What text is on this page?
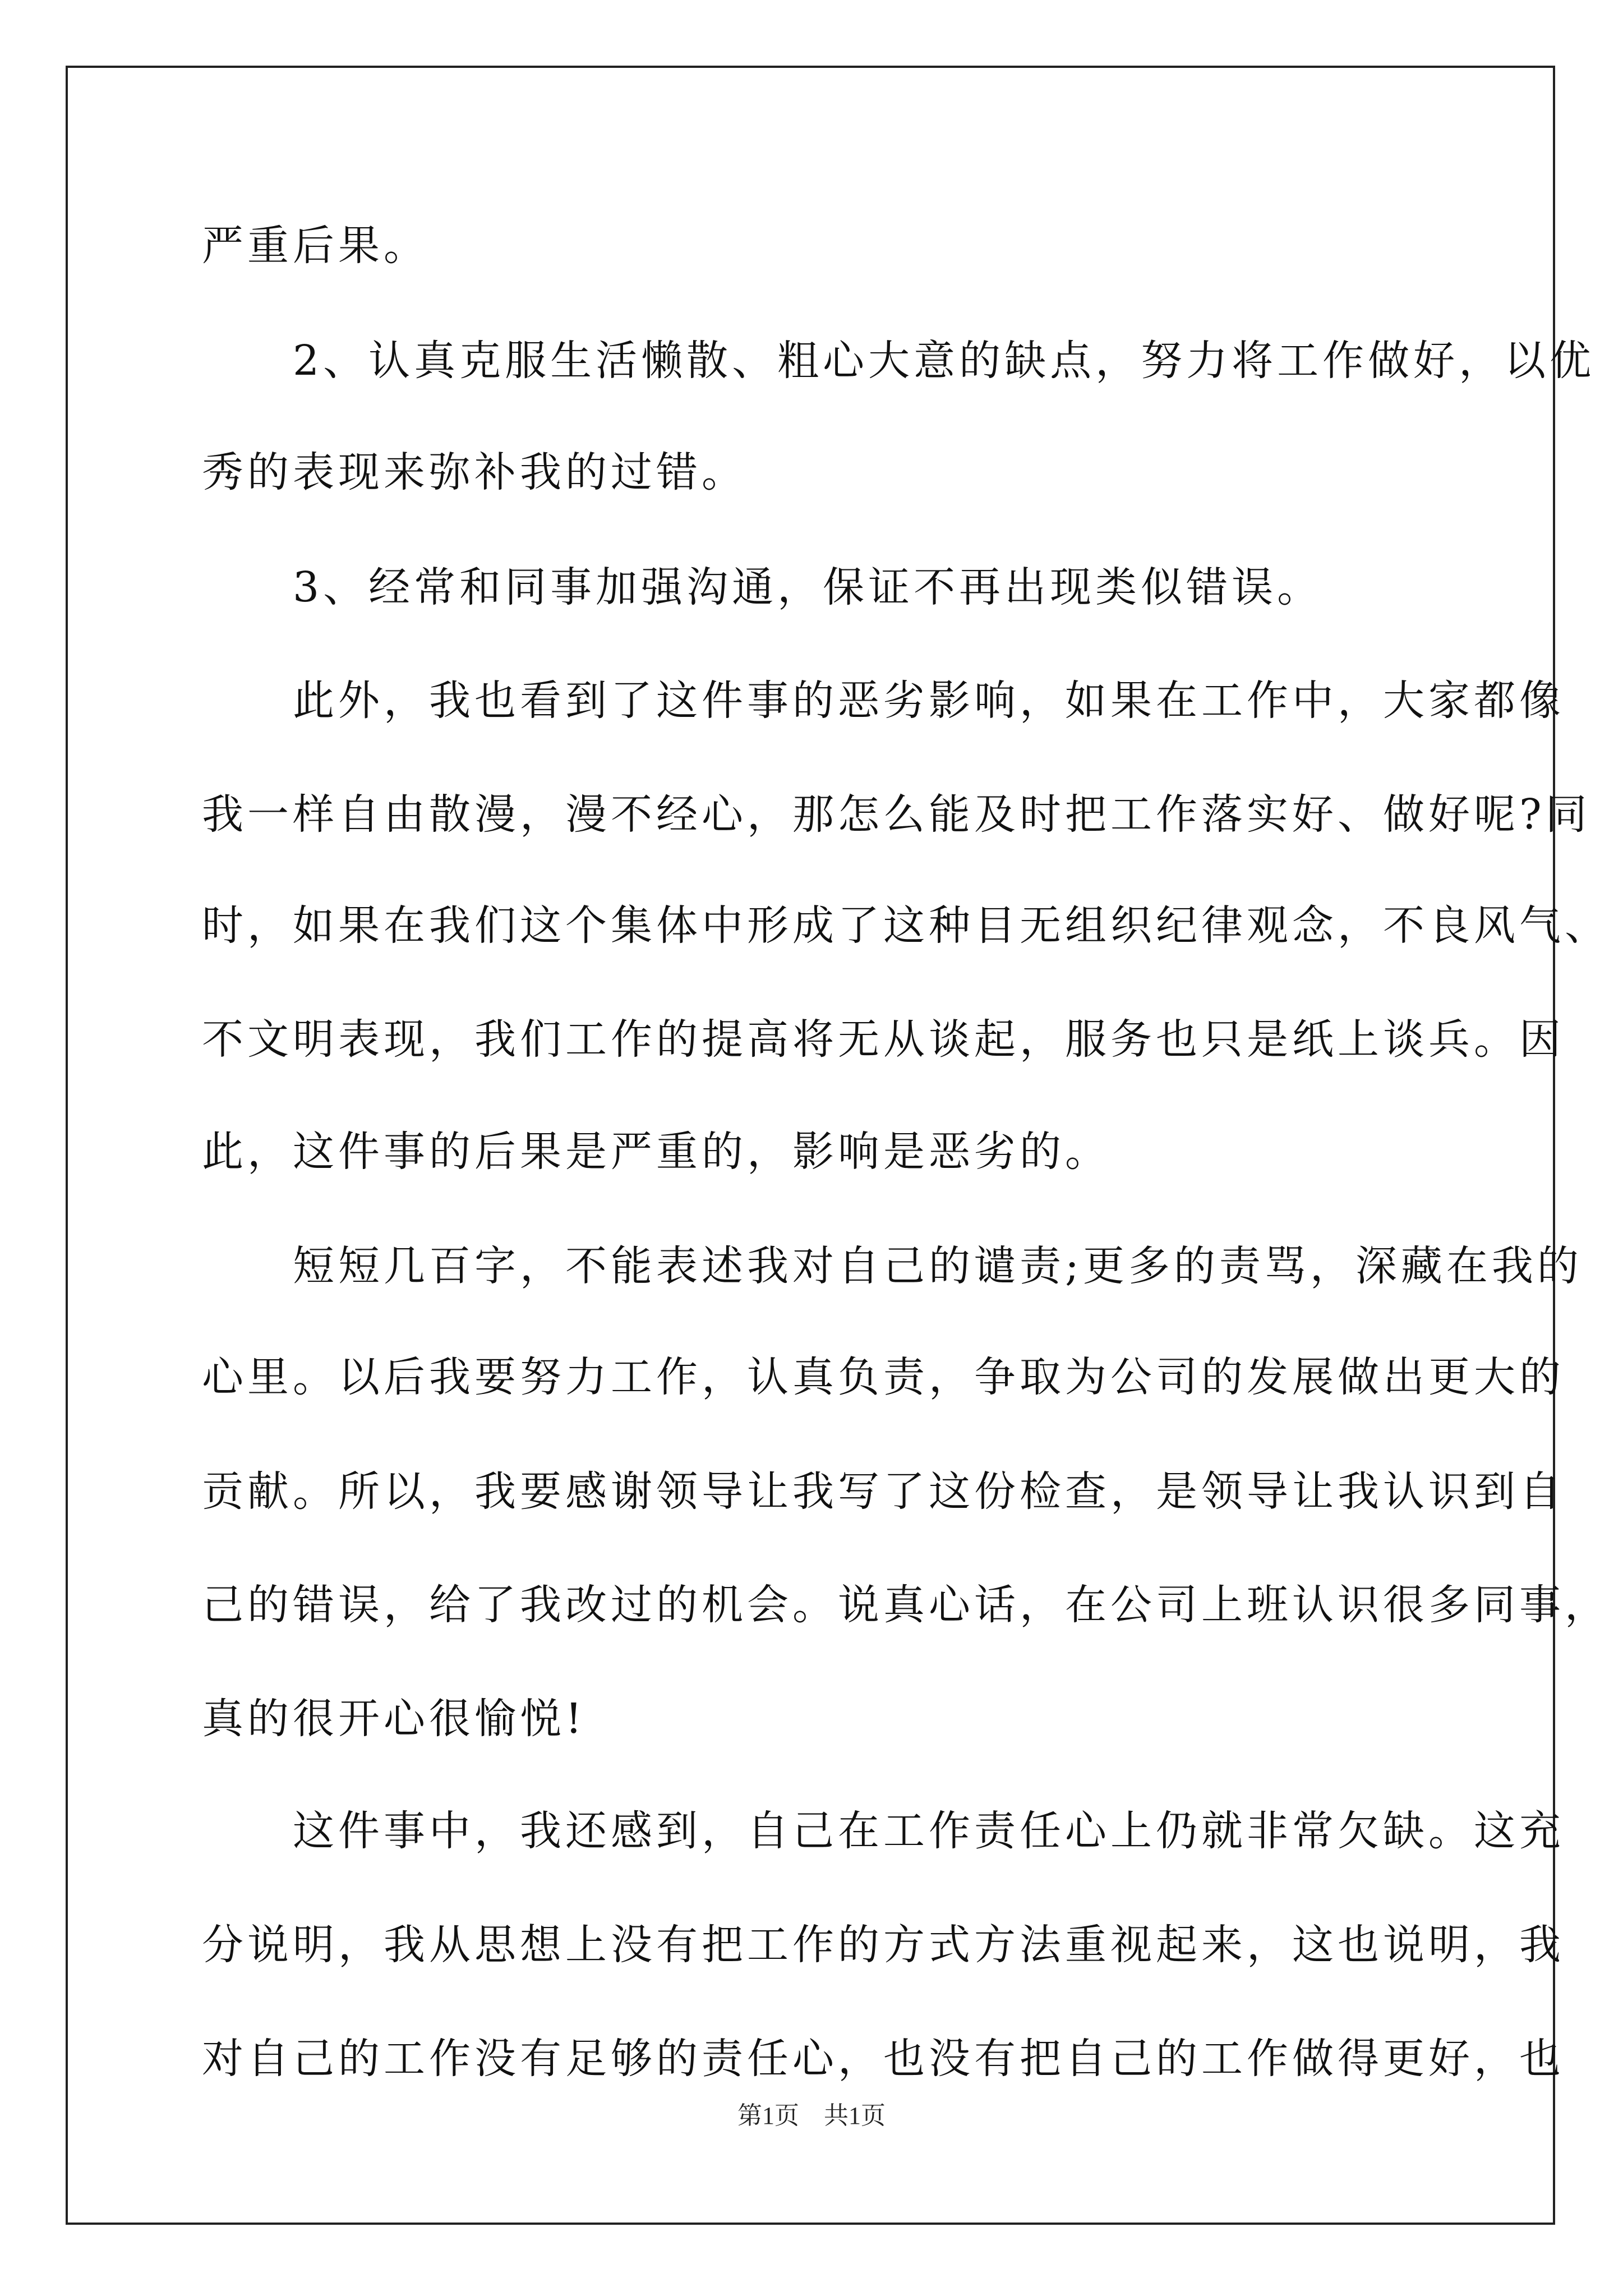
严重后果。
　　2、认真克服生活懒散、粗心大意的缺点，努力将工作做好，以优
秀的表现来弥补我的过错。
　　3、经常和同事加强沟通，保证不再出现类似错误。
　　此外，我也看到了这件事的恶劣影响，如果在工作中，大家都像
我一样自由散漫，漫不经心，那怎么能及时把工作落实好、做好呢?同
时，如果在我们这个集体中形成了这种目无组织纪律观念，不良风气、
不文明表现，我们工作的提高将无从谈起，服务也只是纸上谈兵。因
此，这件事的后果是严重的，影响是恶劣的。
　　短短几百字，不能表述我对自己的谴责;更多的责骂，深藏在我的
心里。以后我要努力工作，认真负责，争取为公司的发展做出更大的
贡献。所以，我要感谢领导让我写了这份检查，是领导让我认识到自
己的错误，给了我改过的机会。说真心话，在公司上班认识很多同事，
真的很开心很愉悦!
　　这件事中，我还感到，自己在工作责任心上仍就非常欠缺。这充
分说明，我从思想上没有把工作的方式方法重视起来，这也说明，我
对自己的工作没有足够的责任心，也没有把自己的工作做得更好，也
第1页 共1页
